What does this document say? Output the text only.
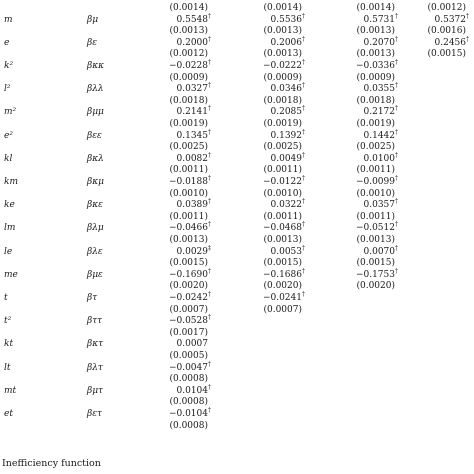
Inefficiency function
(0.0014)	(0.0014)	(0.0014)	(0.0012)
m	βμ	0.5548†	0.5536†	0.5731†	0.5372†
(0.0013)	(0.0013)	(0.0013)	(0.0016)
e	βε	0.2000†	0.2006†	0.2070†	0.2456†
(0.0012)	(0.0013)	(0.0013)	(0.0015)
k²	βκκ	−0.0228†	−0.0222†	−0.0336†
(0.0009)	(0.0009)	(0.0009)
l²	βλλ	0.0327†	0.0346†	0.0355†
(0.0018)	(0.0018)	(0.0018)
m²	βμμ	0.2141†	0.2085†	0.2172†
(0.0019)	(0.0019)	(0.0019)
e²	βεε	0.1345†	0.1392†	0.1442†
(0.0025)	(0.0025)	(0.0025)
kl	βκλ	0.0082†	0.0049†	0.0100†
(0.0011)	(0.0011)	(0.0011)
km	βκμ	−0.0188†	−0.0122†	−0.0099†
(0.0010)	(0.0010)	(0.0010)
ke	βκε	0.0389†	0.0322†	0.0357†
(0.0011)	(0.0011)	(0.0011)
lm	βλμ	−0.0466†	−0.0468†	−0.0512†
(0.0013)	(0.0013)	(0.0013)
le	βλε	0.0029‡	0.0053†	0.0070†
(0.0015)	(0.0015)	(0.0015)
me	βμε	−0.1690†	−0.1686†	−0.1753†
(0.0020)	(0.0020)	(0.0020)
t	βτ	−0.0242†	−0.0241†
(0.0007)	(0.0007)
t²	βττ	−0.0528†
(0.0017)
kt	βκτ	0.0007
(0.0005)
lt	βλτ	−0.0047†
(0.0008)
mt	βμτ	0.0104†
(0.0008)
et	βετ	−0.0104†
(0.0008)
